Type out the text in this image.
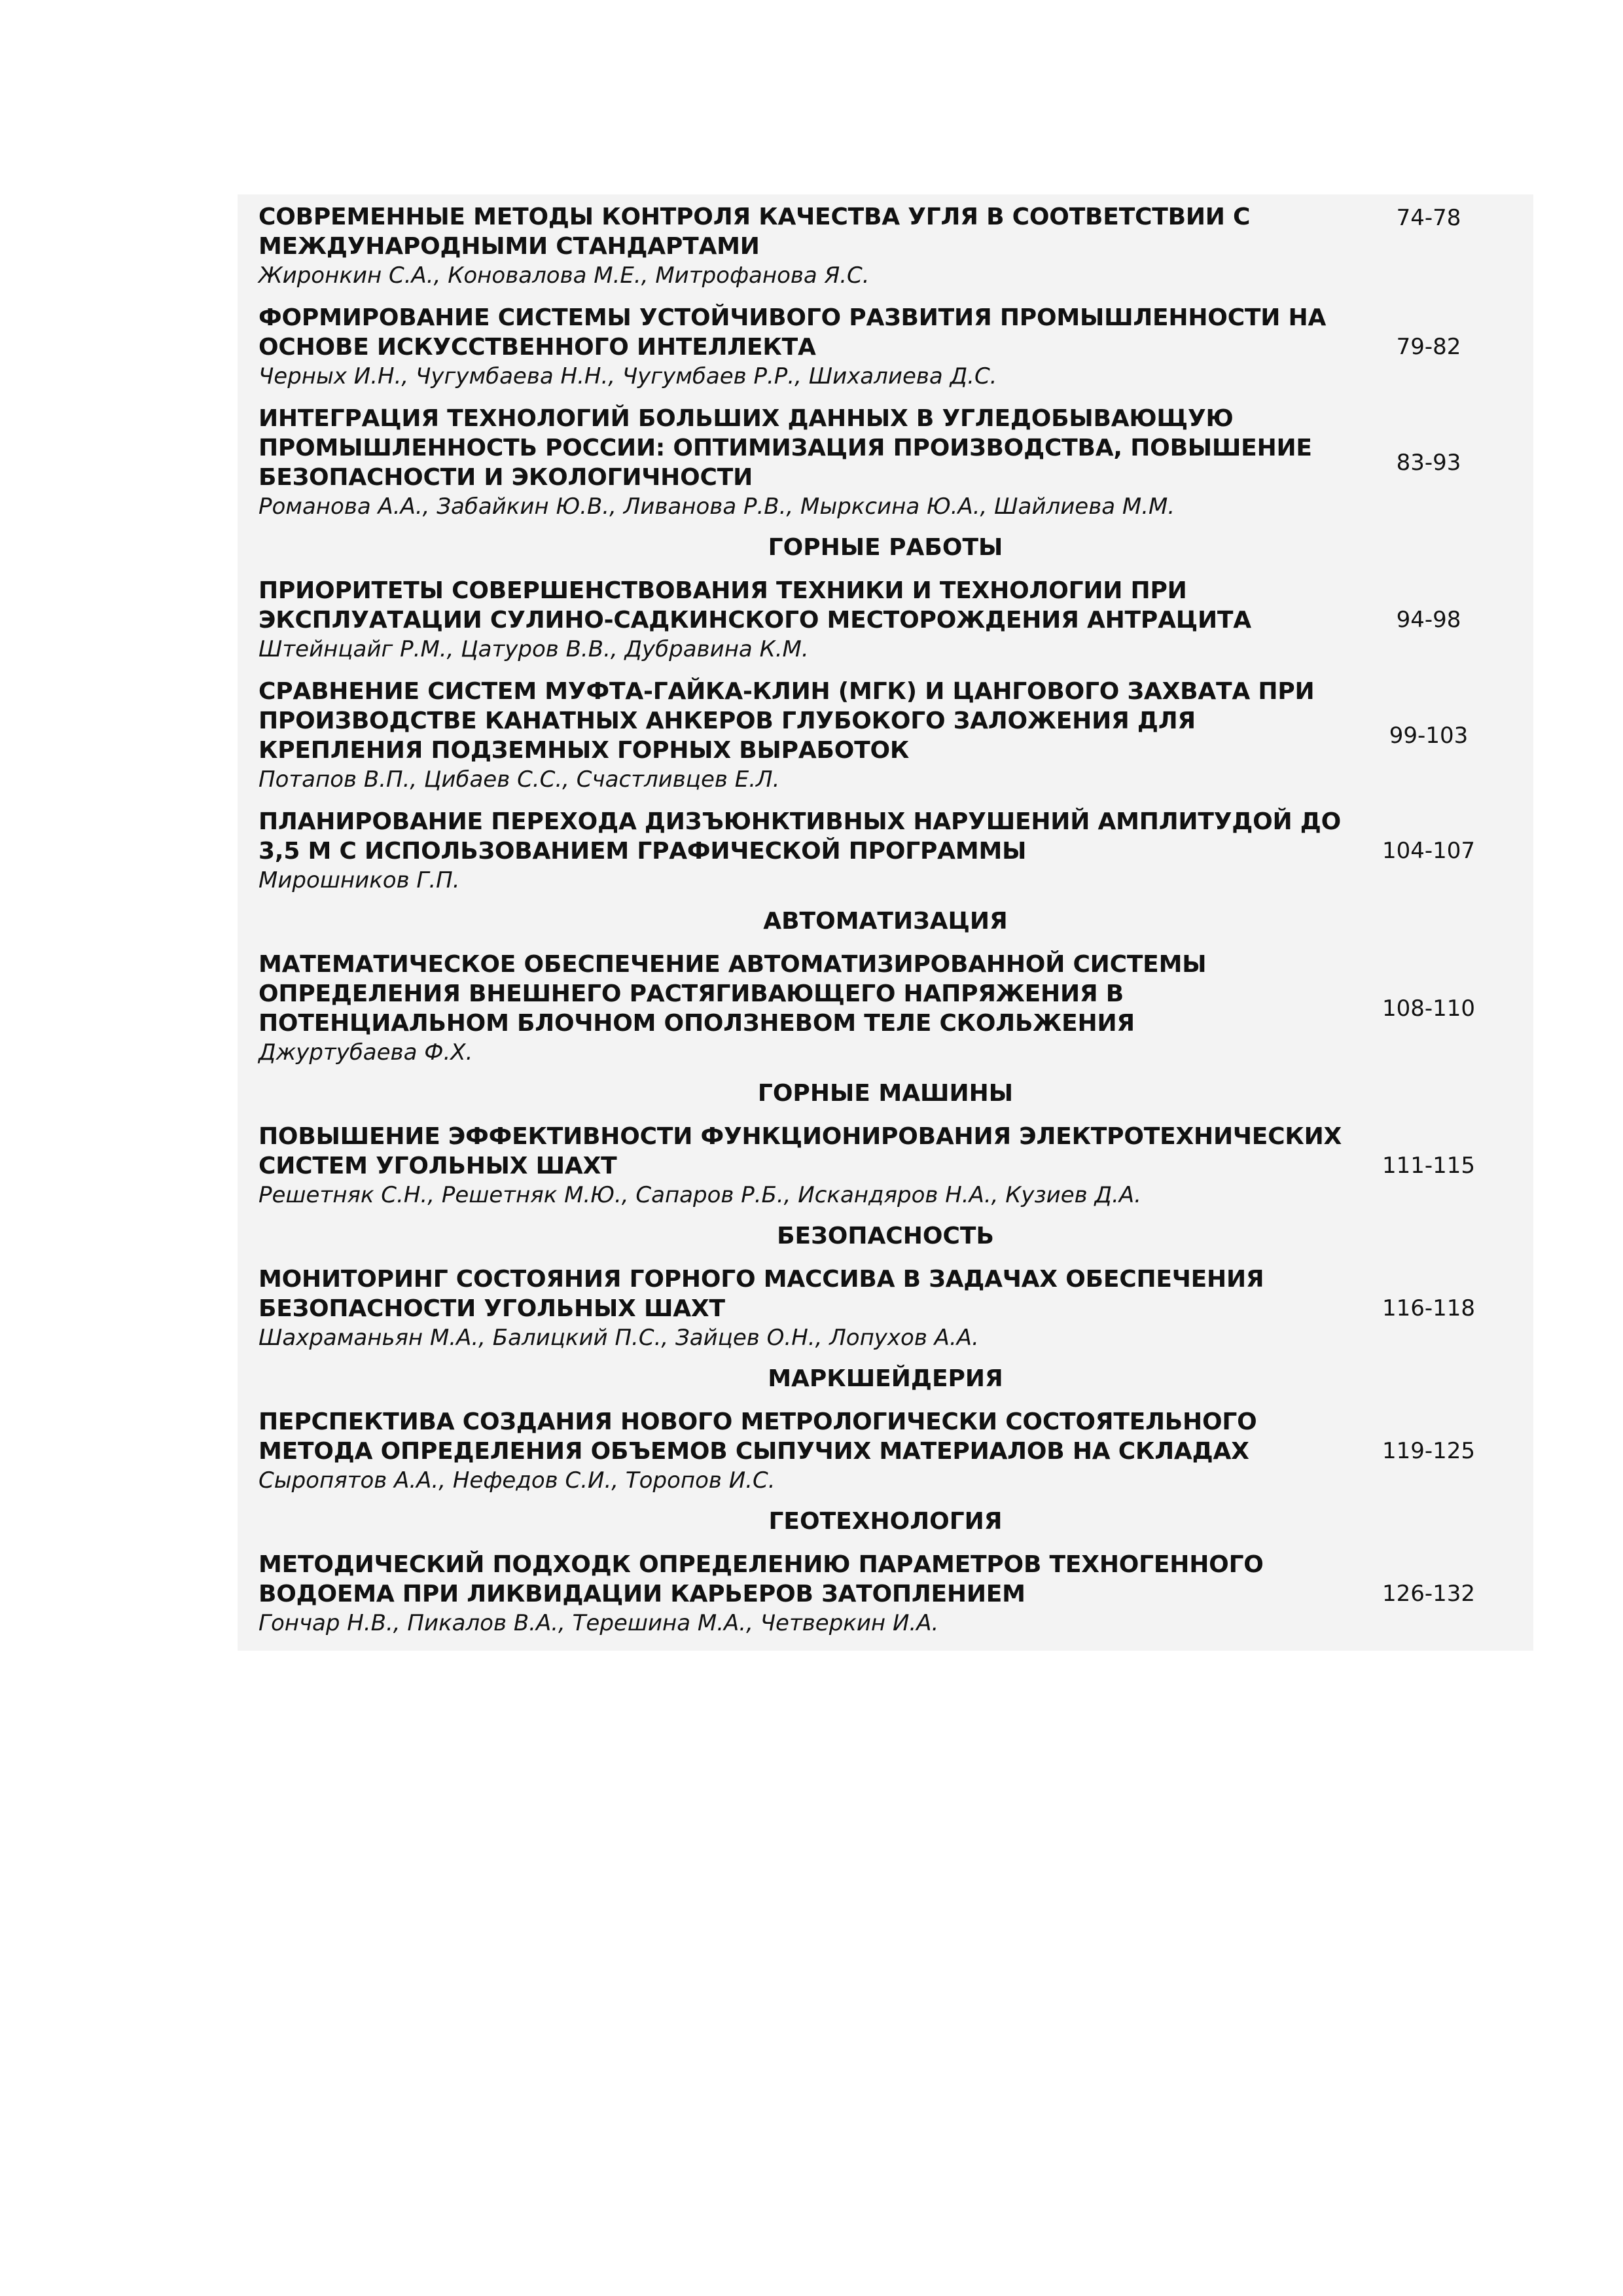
СОВРЕМЕННЫЕ МЕТОДЫ КОНТРОЛЯ КАЧЕСТВА УГЛЯ В СООТВЕТСТВИИ С МЕЖДУНАРОДНЫМИ СТАНДАРТАМИ
Жиронкин С.А., Коновалова М.Е., Митрофанова Я.С.
74-78
ФОРМИРОВАНИЕ СИСТЕМЫ УСТОЙЧИВОГО РАЗВИТИЯ ПРОМЫШЛЕННОСТИ НА ОСНОВЕ ИСКУССТВЕННОГО ИНТЕЛЛЕКТА
Черных И.Н., Чугумбаева Н.Н., Чугумбаев Р.Р., Шихалиева Д.С.
79-82
ИНТЕГРАЦИЯ ТЕХНОЛОГИЙ БОЛЬШИХ ДАННЫХ В УГЛЕДОБЫВАЮЩУЮ ПРОМЫШЛЕННОСТЬ РОССИИ: ОПТИМИЗАЦИЯ ПРОИЗВОДСТВА, ПОВЫШЕНИЕ БЕЗОПАСНОСТИ И ЭКОЛОГИЧНОСТИ
Романова А.А., Забайкин Ю.В., Ливанова Р.В., Мырксина Ю.А., Шайлиева М.М.
83-93
ГОРНЫЕ РАБОТЫ
ПРИОРИТЕТЫ СОВЕРШЕНСТВОВАНИЯ ТЕХНИКИ И ТЕХНОЛОГИИ ПРИ ЭКСПЛУАТАЦИИ СУЛИНО-САДКИНСКОГО МЕСТОРОЖДЕНИЯ АНТРАЦИТА
Штейнцайг Р.М., Цатуров В.В., Дубравина К.М.
94-98
СРАВНЕНИЕ СИСТЕМ МУФТА-ГАЙКА-КЛИН (МГК) И ЦАНГОВОГО ЗАХВАТА ПРИ ПРОИЗВОДСТВЕ КАНАТНЫХ АНКЕРОВ ГЛУБОКОГО ЗАЛОЖЕНИЯ ДЛЯ КРЕПЛЕНИЯ ПОДЗЕМНЫХ ГОРНЫХ ВЫРАБОТОК
Потапов В.П., Цибаев С.С., Счастливцев Е.Л.
99-103
ПЛАНИРОВАНИЕ ПЕРЕХОДА ДИЗЪЮНКТИВНЫХ НАРУШЕНИЙ АМПЛИТУДОЙ ДО 3,5 М С ИСПОЛЬЗОВАНИЕМ ГРАФИЧЕСКОЙ ПРОГРАММЫ
Мирошников Г.П.
104-107
АВТОМАТИЗАЦИЯ
МАТЕМАТИЧЕСКОЕ ОБЕСПЕЧЕНИЕ АВТОМАТИЗИРОВАННОЙ СИСТЕМЫ ОПРЕДЕЛЕНИЯ ВНЕШНЕГО РАСТЯГИВАЮЩЕГО НАПРЯЖЕНИЯ В ПОТЕНЦИАЛЬНОМ БЛОЧНОМ ОПОЛЗНЕВОМ ТЕЛЕ СКОЛЬЖЕНИЯ
Джуртубаева Ф.Х.
108-110
ГОРНЫЕ МАШИНЫ
ПОВЫШЕНИЕ ЭФФЕКТИВНОСТИ ФУНКЦИОНИРОВАНИЯ ЭЛЕКТРОТЕХНИЧЕСКИХ СИСТЕМ УГОЛЬНЫХ ШАХТ
Решетняк С.Н., Решетняк М.Ю., Сапаров Р.Б., Искандяров Н.А., Кузиев Д.А.
111-115
БЕЗОПАСНОСТЬ
МОНИТОРИНГ СОСТОЯНИЯ ГОРНОГО МАССИВА В ЗАДАЧАХ ОБЕСПЕЧЕНИЯ БЕЗОПАСНОСТИ УГОЛЬНЫХ ШАХТ
Шахраманьян М.А., Балицкий П.С., Зайцев О.Н., Лопухов А.А.
116-118
МАРКШЕЙДЕРИЯ
ПЕРСПЕКТИВА СОЗДАНИЯ НОВОГО МЕТРОЛОГИЧЕСКИ СОСТОЯТЕЛЬНОГО МЕТОДА ОПРЕДЕЛЕНИЯ ОБЪЕМОВ СЫПУЧИХ МАТЕРИАЛОВ НА СКЛАДАХ
Сыропятов А.А., Нефедов С.И., Торопов И.С.
119-125
ГЕОТЕХНОЛОГИЯ
МЕТОДИЧЕСКИЙ ПОДХОДК ОПРЕДЕЛЕНИЮ ПАРАМЕТРОВ ТЕХНОГЕННОГО ВОДОЕМА ПРИ ЛИКВИДАЦИИ КАРЬЕРОВ ЗАТОПЛЕНИЕМ
Гончар Н.В., Пикалов В.А., Терешина М.А., Четверкин И.А.
126-132
